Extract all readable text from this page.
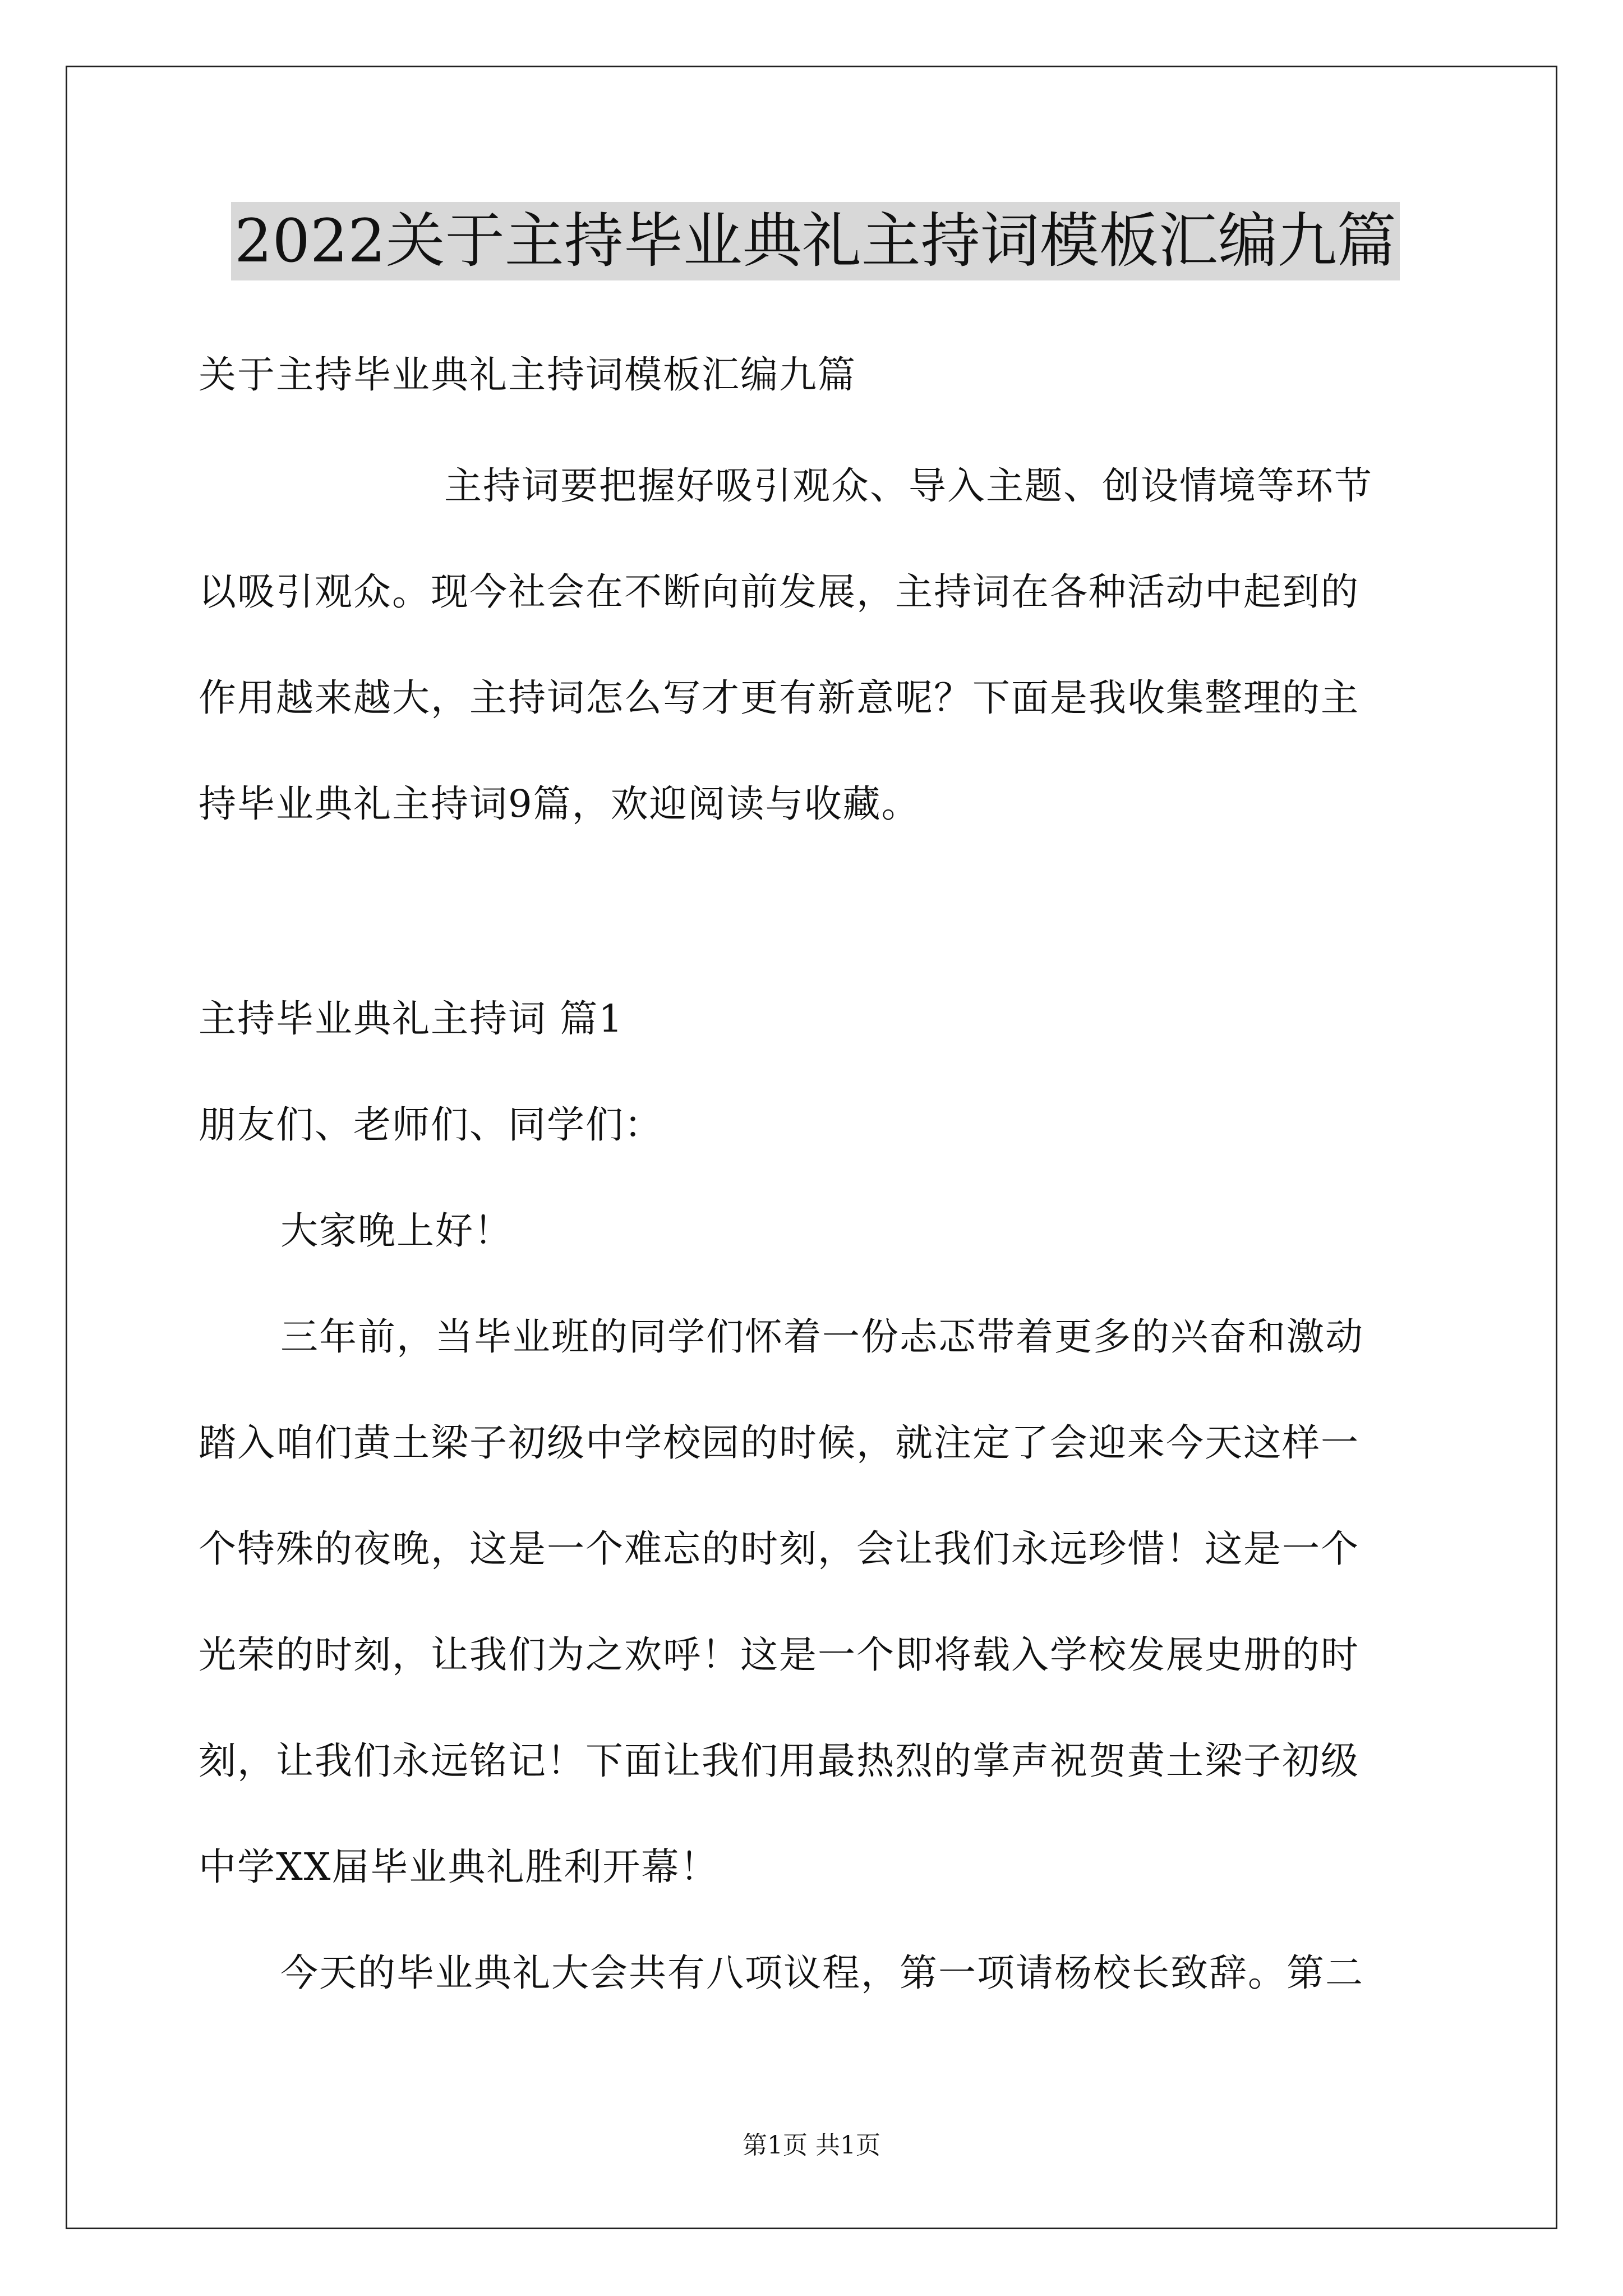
2022关于主持毕业典礼主持词模板汇编九篇
关于主持毕业典礼主持词模板汇编九篇
主持词要把握好吸引观众、导入主题、创设情境等环节
以吸引观众。现今社会在不断向前发展，主持词在各种活动中起到的
作用越来越大，主持词怎么写才更有新意呢？下面是我收集整理的主
持毕业典礼主持词9篇，欢迎阅读与收藏。
主持毕业典礼主持词 篇1
朋友们、老师们、同学们：
大家晚上好！
三年前，当毕业班的同学们怀着一份忐忑带着更多的兴奋和激动
踏入咱们黄土梁子初级中学校园的时候，就注定了会迎来今天这样一
个特殊的夜晚，这是一个难忘的时刻，会让我们永远珍惜！这是一个
光荣的时刻，让我们为之欢呼！这是一个即将载入学校发展史册的时
刻，让我们永远铭记！下面让我们用最热烈的掌声祝贺黄土梁子初级
中学XX届毕业典礼胜利开幕！
今天的毕业典礼大会共有八项议程，第一项请杨校长致辞。第二
第1页 共1页
